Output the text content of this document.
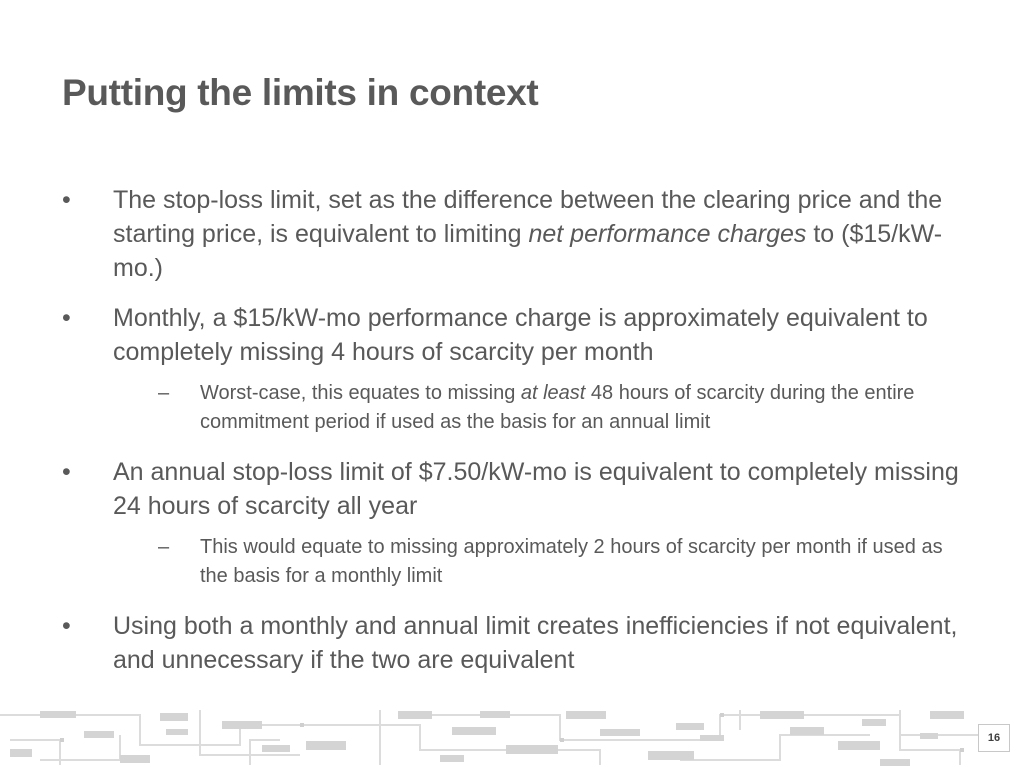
Putting the limits in context
• The stop-loss limit, set as the difference between the clearing price and the starting price, is equivalent to limiting net performance charges to ($15/kW-mo.)
• Monthly, a $15/kW-mo performance charge is approximately equivalent to completely missing 4 hours of scarcity per month
– Worst-case, this equates to missing at least 48 hours of scarcity during the entire commitment period if used as the basis for an annual limit
• An annual stop-loss limit of $7.50/kW-mo is equivalent to completely missing 24 hours of scarcity all year
– This would equate to missing approximately 2 hours of scarcity per month if used as the basis for a monthly limit
• Using both a monthly and annual limit creates inefficiencies if not equivalent, and unnecessary if the two are equivalent
16
